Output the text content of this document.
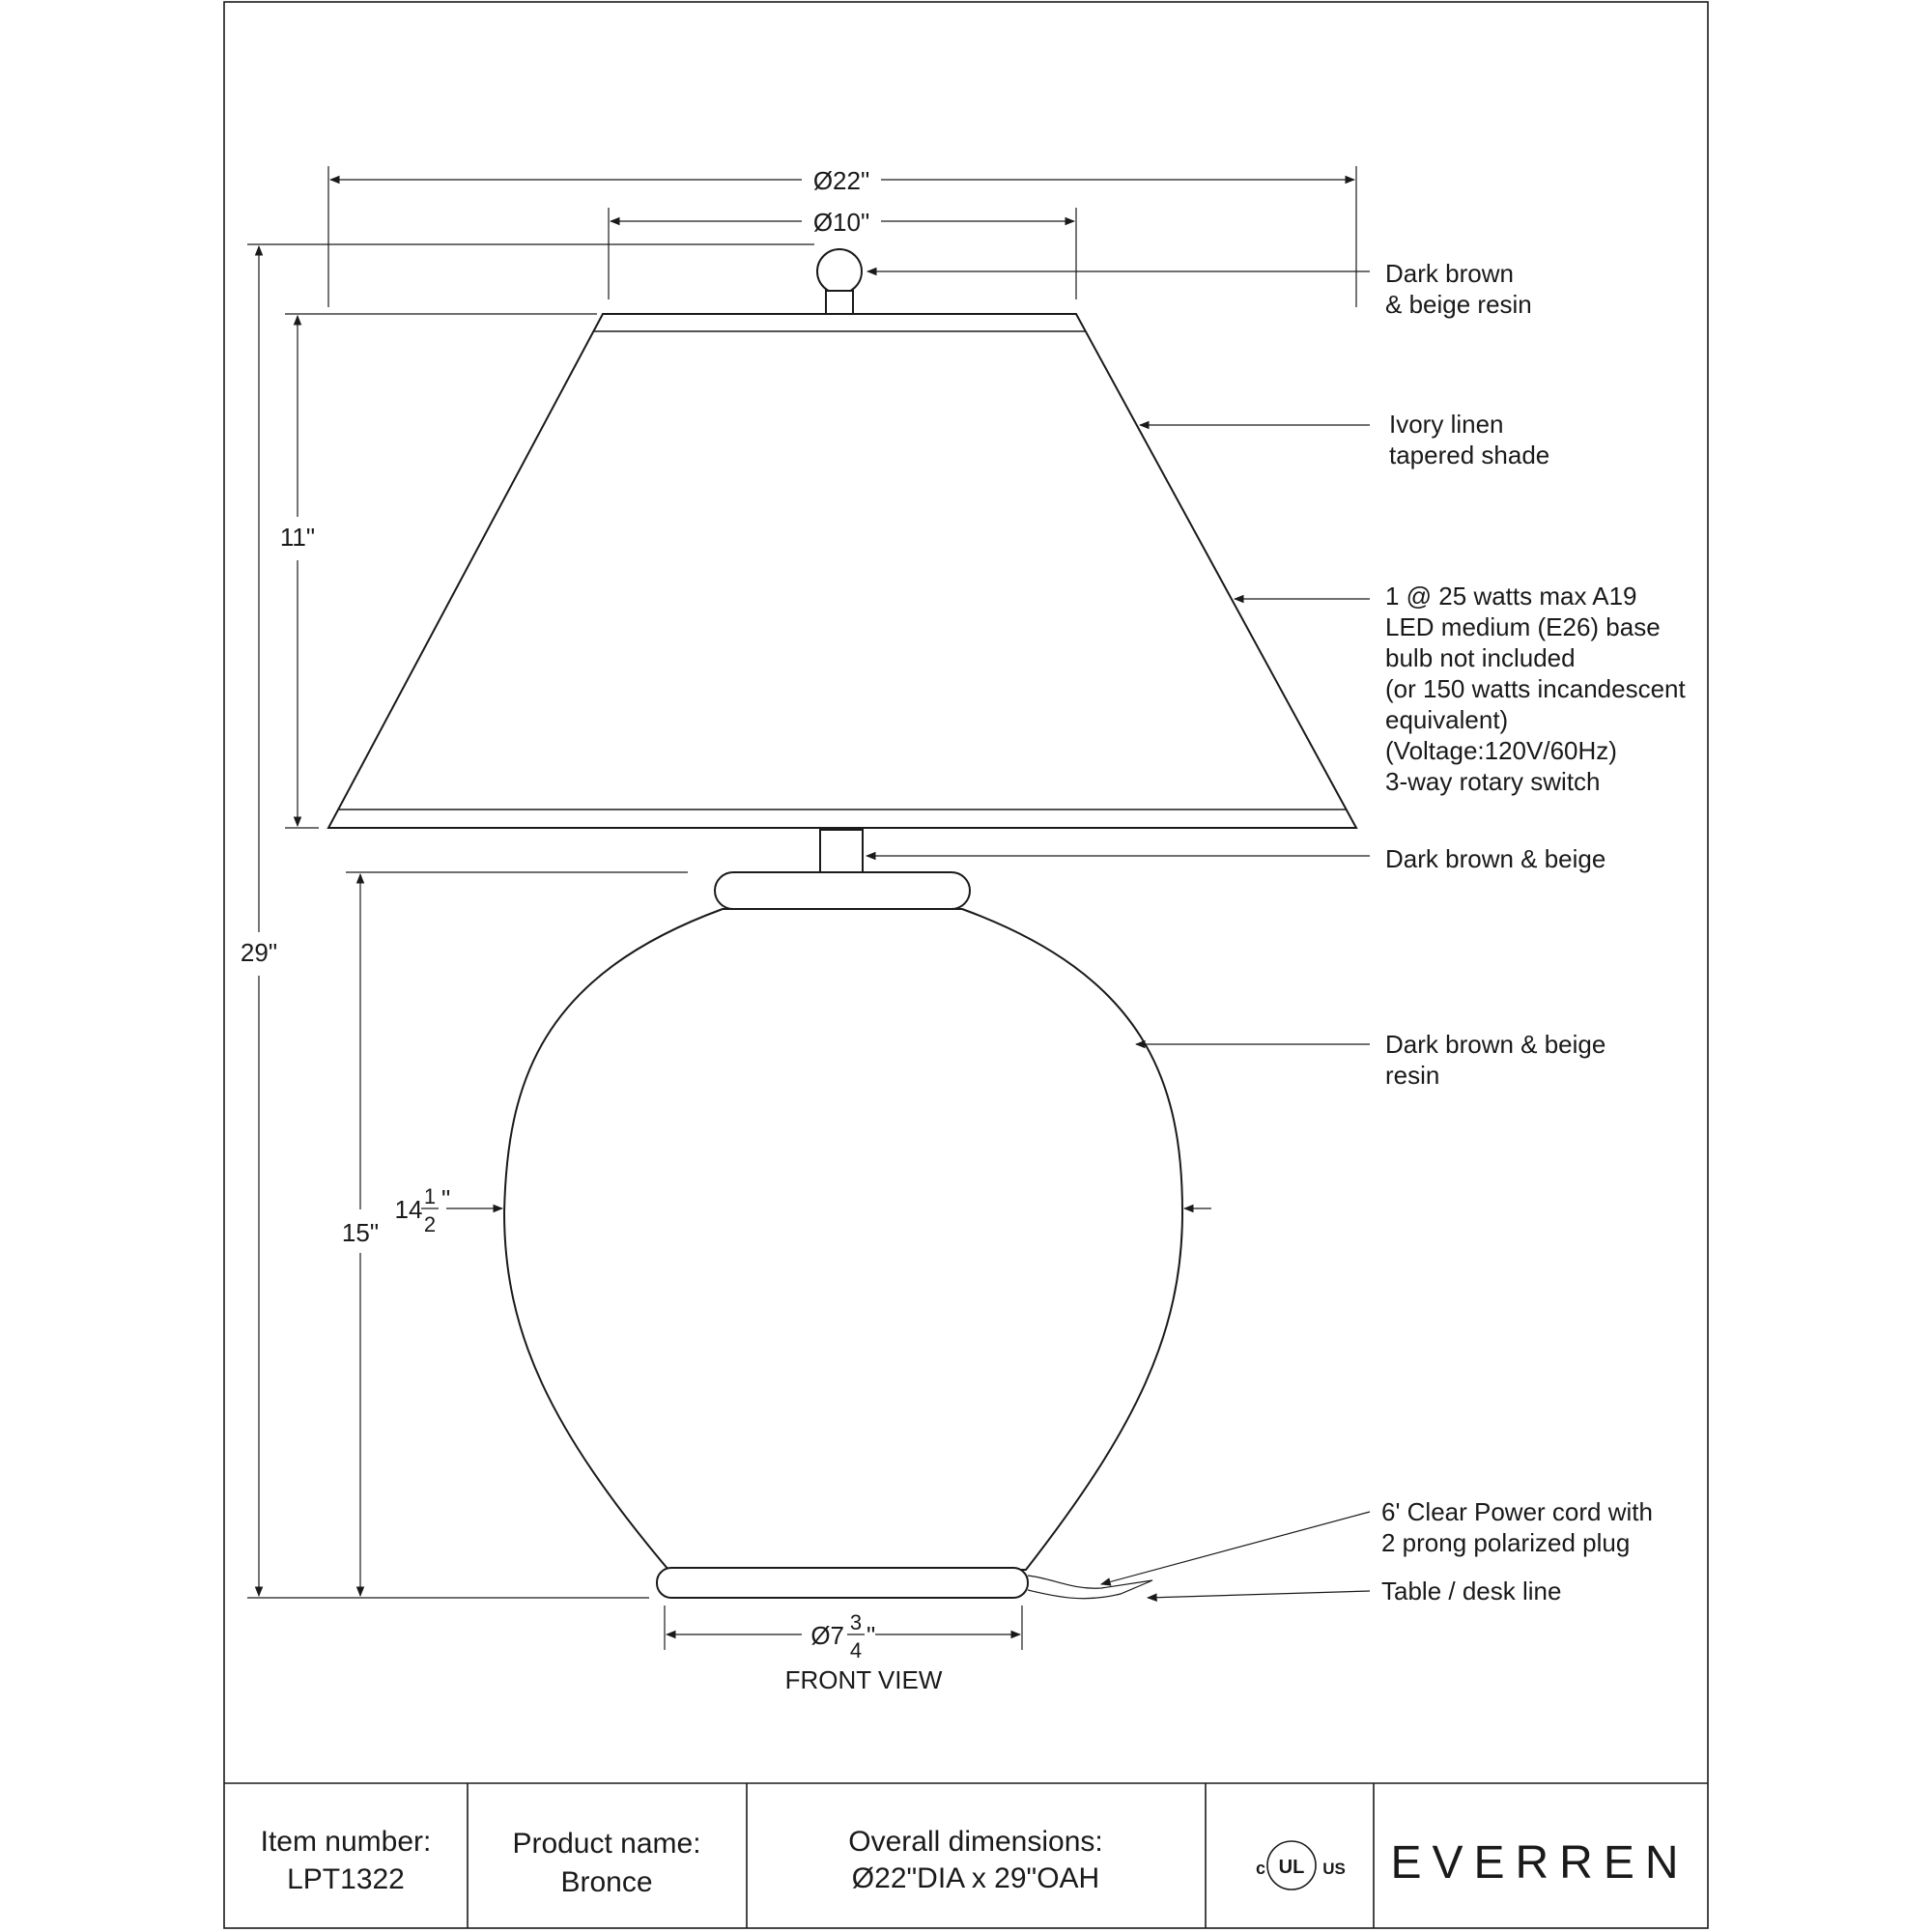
Ø22"
Ø10"
11"
29"
15"
14 1
2
"
Ø7 3
4
"
FRONT VIEW
Dark brown & beige resin
Ivory linen tapered shade
1 @ 25 watts max A19 LED medium (E26) base bulb not included (or 150 watts incandescent equivalent) (Voltage:120V/60Hz) 3-way rotary switch
Dark brown & beige
Dark brown & beige resin
6' Clear Power cord with 2 prong polarized plug
Table / desk line
Item number:
LPT1322
Product name:
Bronce
Overall dimensions:
Ø22"DIA x 29"OAH	c UL US EVERREN
